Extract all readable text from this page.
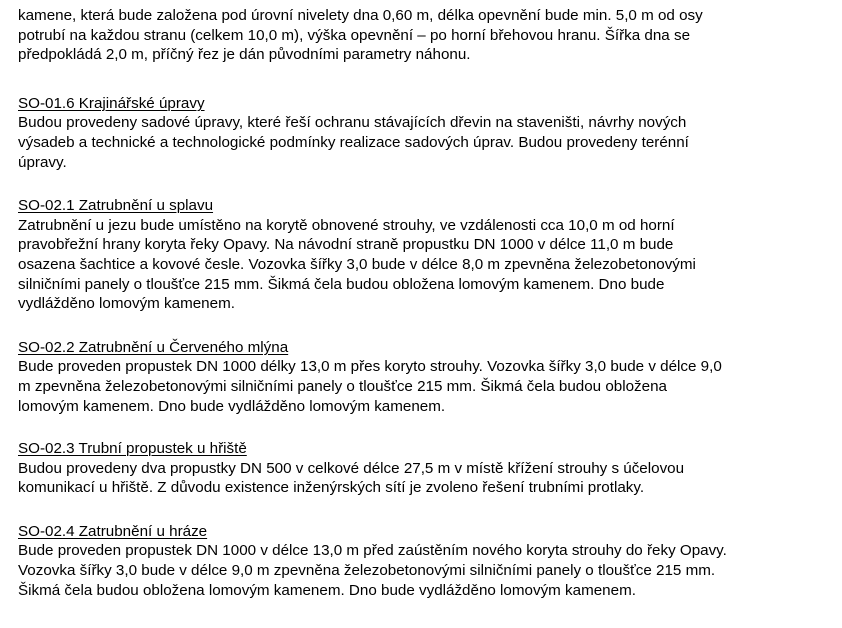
kamene, která bude založena pod úrovní nivelety dna 0,60 m, délka opevnění bude min. 5,0 m od osy
potrubí na každou stranu (celkem 10,0 m), výška opevnění – po horní břehovou hranu. Šířka dna se
předpokládá 2,0 m, příčný řez je dán původními parametry náhonu.

SO-01.6 Krajinářské úpravy

Budou provedeny sadové úpravy, které řeší ochranu stávajících dřevin na staveništi, návrhy nových
výsadeb a technické a technologické podmínky realizace sadových úprav. Budou provedeny terénní
úpravy.

SO-02.1 Zatrubnění u splavu

Zatrubnění u jezu bude umístěno na korytě obnovené strouhy, ve vzdálenosti cca 10,0 m od horní
pravobřežní hrany koryta řeky Opavy. Na návodní straně propustku DN 1000 v délce 11,0 m bude
osazena šachtice a kovové česle. Vozovka šířky 3,0 bude v délce 8,0 m zpevněna železobetonovými
silničními panely o tloušťce 215 mm. Šikmá čela budou obložena lomovým kamenem. Dno bude
vydlážděno lomovým kamenem.

SO-02.2 Zatrubnění u Červeného mlýna

Bude proveden propustek DN 1000 délky 13,0 m přes koryto strouhy. Vozovka šířky 3,0 bude v délce 9,0
m zpevněna železobetonovými silničními panely o tloušťce 215 mm. Šikmá čela budou obložena
lomovým kamenem. Dno bude vydlážděno lomovým kamenem.

SO-02.3 Trubní propustek u hřiště

Budou provedeny dva propustky DN 500 v celkové délce 27,5 m v místě křížení strouhy s účelovou
komunikací u hřiště. Z důvodu existence inženýrských sítí je zvoleno řešení trubními protlaky.

SO-02.4 Zatrubnění u hráze

Bude proveden propustek DN 1000 v délce 13,0 m před zaústěním nového koryta strouhy do řeky Opavy.
Vozovka šířky 3,0 bude v délce 9,0 m zpevněna železobetonovými silničními panely o tloušťce 215 mm.
Šikmá čela budou obložena lomovým kamenem. Dno bude vydlážděno lomovým kamenem.
